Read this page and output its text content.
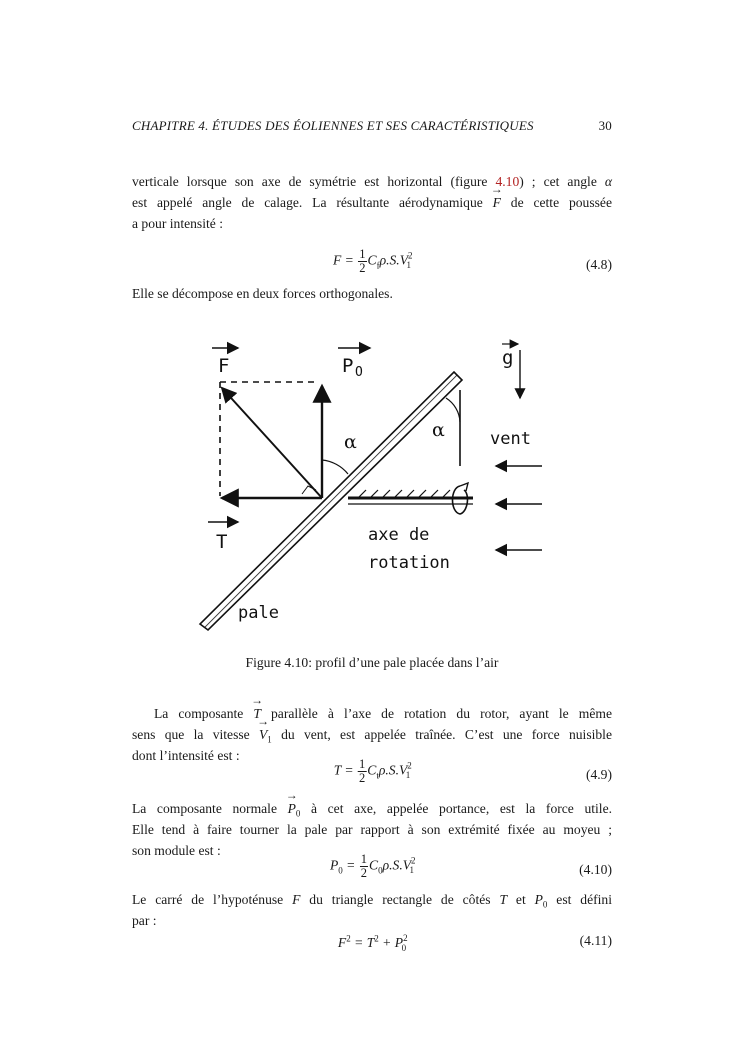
CHAPITRE 4. ÉTUDES DES ÉOLIENNES ET SES CARACTÉRISTIQUES	30
verticale lorsque son axe de symétrie est horizontal (figure 4.10) ; cet angle α
est appelé angle de calage. La résultante aérodynamique → F de cette poussée
a pour intensité :
$F = \frac{1}{2} C_f\rho.S.V^2_1$	(4.8)
Elle se décompose en deux forces orthogonales.
Figure 4.10: profil d’une pale placée dans l’air
La composante → T parallèle à l’axe de rotation du rotor, ayant le même
sens que la vitesse → $V_1$ du vent, est appelée traînée. C’est une force nuisible
dont l’intensité est :
$T = \frac{1}{2} C_t\rho.S.V^2_1$	(4.9)
La composante normale → $P_0$ à cet axe, appelée portance, est la force utile.
Elle tend à faire tourner la pale par rapport à son extrémité fixée au moyeu ;
son module est :
$P_0 = \frac{1}{2} C_0\rho.S.V^2_1$	(4.10)
Le carré de l’hypoténuse F du triangle rectangle de côtés T et $P_0$ est défini
par :
$F^2 = T^2 + P^2_0$	(4.11)
F	P O
g
T
α
α	vent
axe de
rotation
pale
